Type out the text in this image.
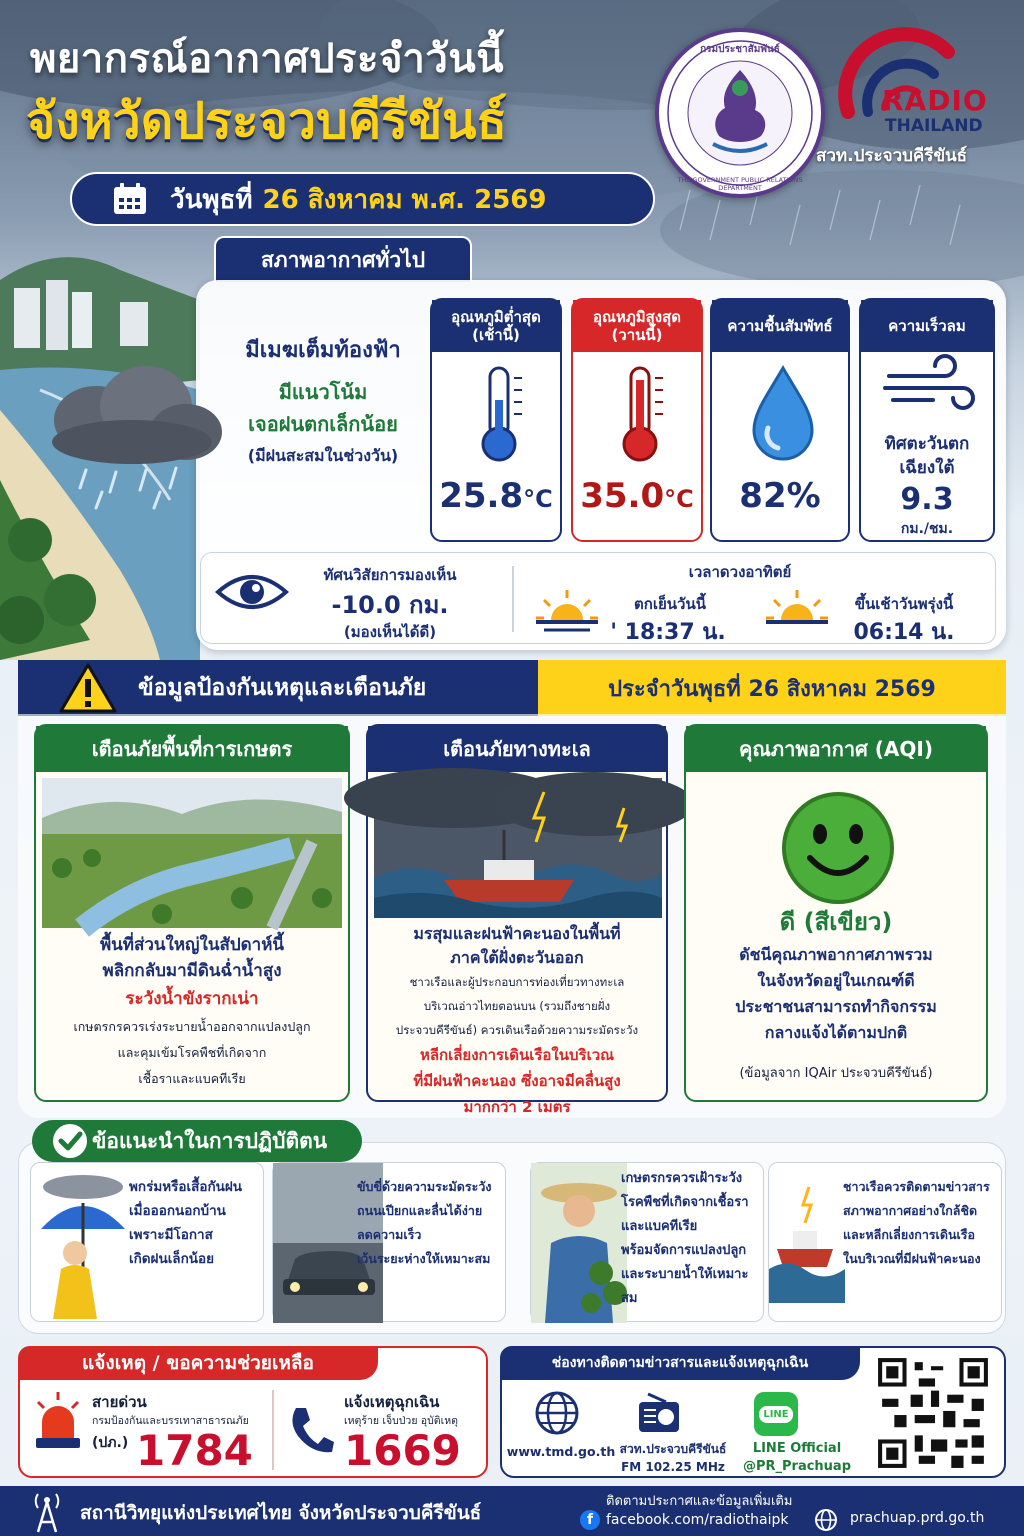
พยากรณ์อากาศประจำวันนี้
จังหวัดประจวบคีรีขันธ์
วันพุธที่ 26 สิงหาคม พ.ศ. 2569
กรมประชาสัมพันธ์
THE GOVERNMENT PUBLIC RELATIONS DEPARTMENT
RADIO
THAILAND
สวท.ประจวบคีรีขันธ์
สภาพอากาศทั่วไป
มีเมฆเต็มท้องฟ้า
มีแนวโน้ม
เจอฝนตกเล็กน้อย
(มีฝนสะสมในช่วงวัน)
อุณหภูมิต่ำสุด
(เช้านี้)
25.8°C
อุณหภูมิสูงสุด
(วานนี้)
35.0°C
ความชื้นสัมพัทธ์
82%
ความเร็วลม
ทิศตะวันตก
เฉียงใต้
9.3
กม./ชม.
ทัศนวิสัยการมองเห็น
-10.0 กม.
(มองเห็นได้ดี)
เวลาดวงอาทิตย์
ตกเย็นวันนี้
' 18:37 น.
ขึ้นเช้าวันพรุ่งนี้
06:14 น.
ข้อมูลป้องกันเหตุและเตือนภัย	ประจำวันพุธที่ 26 สิงหาคม 2569
เตือนภัยพื้นที่การเกษตร
พื้นที่ส่วนใหญ่ในสัปดาห์นี้
พลิกกลับมามีดินฉ่ำน้ำสูง
ระวังน้ำขังรากเน่า
เกษตรกรควรเร่งระบายน้ำออกจากแปลงปลูก
และคุมเข้มโรคพืชที่เกิดจาก
เชื้อราและแบคทีเรีย
เตือนภัยทางทะเล
มรสุมและฝนฟ้าคะนองในพื้นที่
ภาคใต้ฝั่งตะวันออก
ชาวเรือและผู้ประกอบการท่องเที่ยวทางทะเล
บริเวณอ่าวไทยตอนบน (รวมถึงชายฝั่ง
ประจวบคีรีขันธ์) ควรเดินเรือด้วยความระมัดระวัง
หลีกเลี่ยงการเดินเรือในบริเวณ
ที่มีฝนฟ้าคะนอง ซึ่งอาจมีคลื่นสูง
มากกว่า 2 เมตร
คุณภาพอากาศ (AQI)
ดี (สีเขียว)
ดัชนีคุณภาพอากาศภาพรวม
ในจังหวัดอยู่ในเกณฑ์ดี
ประชาชนสามารถทำกิจกรรม
กลางแจ้งได้ตามปกติ
(ข้อมูลจาก IQAir ประจวบคีรีขันธ์)
ข้อแนะนำในการปฏิบัติตน
พกร่มหรือเสื้อกันฝน
เมื่อออกนอกบ้าน
เพราะมีโอกาส
เกิดฝนเล็กน้อย
ขับขี่ด้วยความระมัดระวัง
ถนนเปียกและลื่นได้ง่าย
ลดความเร็ว
เว้นระยะห่างให้เหมาะสม
เกษตรกรควรเฝ้าระวัง
โรคพืชที่เกิดจากเชื้อรา
และแบคทีเรีย
พร้อมจัดการแปลงปลูก
และระบายน้ำให้เหมาะสม
ชาวเรือควรติดตามข่าวสาร
สภาพอากาศอย่างใกล้ชิด
และหลีกเลี่ยงการเดินเรือ
ในบริเวณที่มีฝนฟ้าคะนอง
แจ้งเหตุ / ขอความช่วยเหลือ
สายด่วน
กรมป้องกันและบรรเทาสาธารณภัย
(ปภ.) 1784
แจ้งเหตุฉุกเฉิน
เหตุร้าย เจ็บป่วย อุบัติเหตุ
1669
ช่องทางติดตามข่าวสารและแจ้งเหตุฉุกเฉิน
www.tmd.go.th สวท.ประจวบคีรีขันธ์
FM 102.25 MHz
LINE
LINE Official
@PR_Prachuap
สถานีวิทยุแห่งประเทศไทย จังหวัดประจวบคีรีขันธ์
ติดตามประกาศและข้อมูลเพิ่มเติม
f facebook.com/radiothaipk	prachuap.prd.go.th
